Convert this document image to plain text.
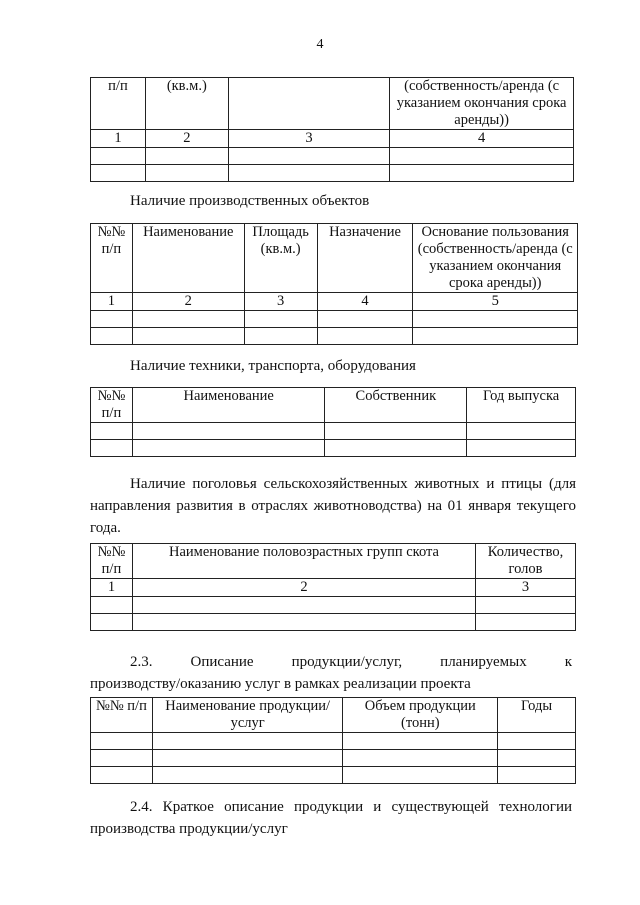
4
п/п	(кв.м.)		(собственность/аренда (с указанием окончания срока аренды))
1	2	3	4

Наличие производственных объектов
№№ п/п	Наименование	Площадь (кв.м.)	Назначение	Основание пользования (собственность/аренда (с указанием окончания срока аренды))
1	2	3	4	5

Наличие техники, транспорта, оборудования
№№ п/п	Наименование	Собственник	Год выпуска

Наличие поголовья сельскохозяйственных животных и птицы (для
направления развития в отраслях животноводства) на 01 января текущего
года.
№№ п/п	Наименование половозрастных групп скота	Количество, голов
1	2	3

2.3. Описание продукции/услуг, планируемых к
производству/оказанию услуг в рамках реализации проекта
№№ п/п	Наименование продукции/услуг	Объем продукции (тонн)	Годы

2.4. Краткое описание продукции и существующей технологии
производства продукции/услуг
